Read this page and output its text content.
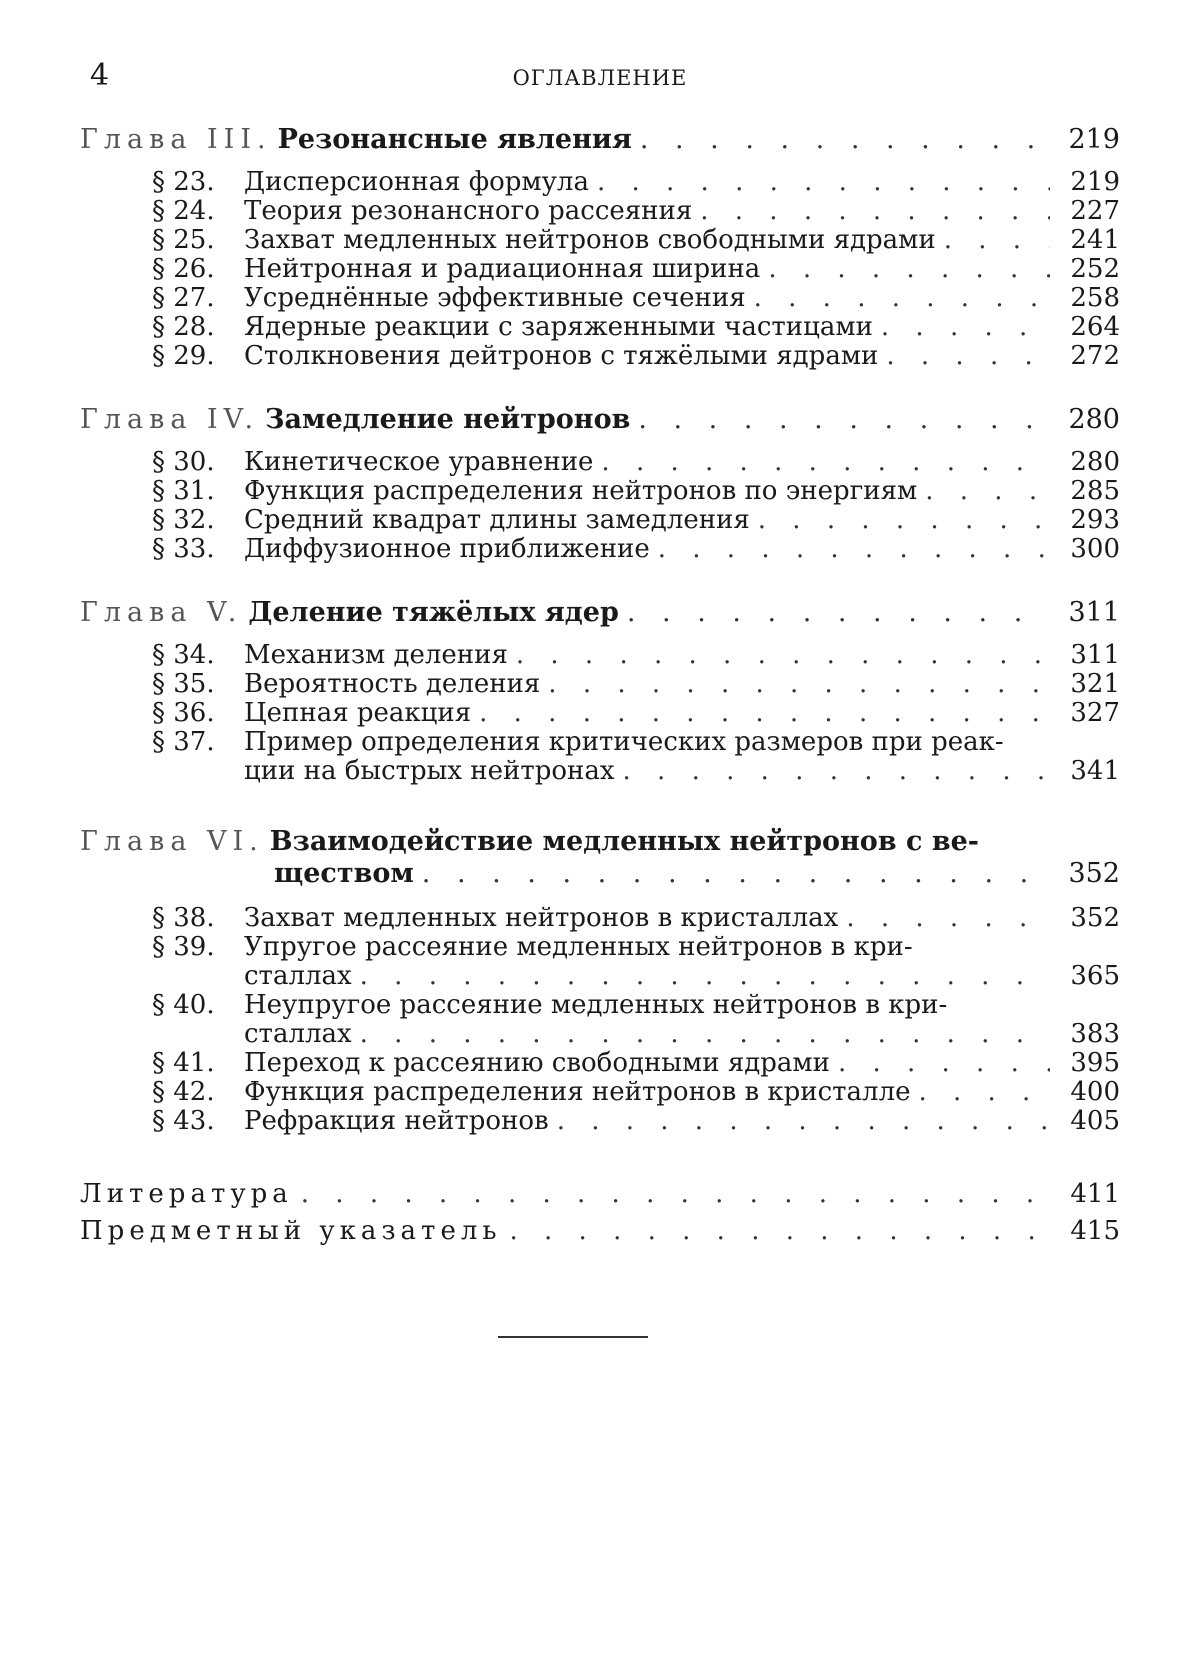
4	ОГЛАВЛЕНИЕ
Глава III. Резонансные явления . . .	219
§ 23.	Дисперсионная формула . . .	219
§ 24.	Теория резонансного рассеяния . . .	227
§ 25.	Захват медленных нейтронов свободными ядрами . . .	241
§ 26.	Нейтронная и радиационная ширина . . .	252
§ 27.	Усреднённые эффективные сечения . . .	258
§ 28.	Ядерные реакции с заряженными частицами . . .	264
§ 29.	Столкновения дейтронов с тяжёлыми ядрами . . .	272
Глава IV. Замедление нейтронов . . .	280
§ 30.	Кинетическое уравнение . . .	280
§ 31.	Функция распределения нейтронов по энергиям . . .	285
§ 32.	Средний квадрат длины замедления . . .	293
§ 33.	Диффузионное приближение . . .	300
Глава V. Деление тяжёлых ядер . . .	311
§ 34.	Механизм деления . . .	311
§ 35.	Вероятность деления . . .	321
§ 36.	Цепная реакция . . .	327
§ 37.	Пример определения критических размеров при реак-
ции на быстрых нейтронах . . .	341
Глава VI. Взаимодействие медленных нейтронов с ве-
ществом . . .	352
§ 38.	Захват медленных нейтронов в кристаллах . . .	352
§ 39.	Упругое рассеяние медленных нейтронов в кри-
сталлах . . .	365
§ 40.	Неупругое рассеяние медленных нейтронов в кри-
сталлах . . .	383
§ 41.	Переход к рассеянию свободными ядрами . . .	395
§ 42.	Функция распределения нейтронов в кристалле . . .	400
§ 43.	Рефракция нейтронов . . .	405
Литература . . .	411
Предметный указатель . . .	415
